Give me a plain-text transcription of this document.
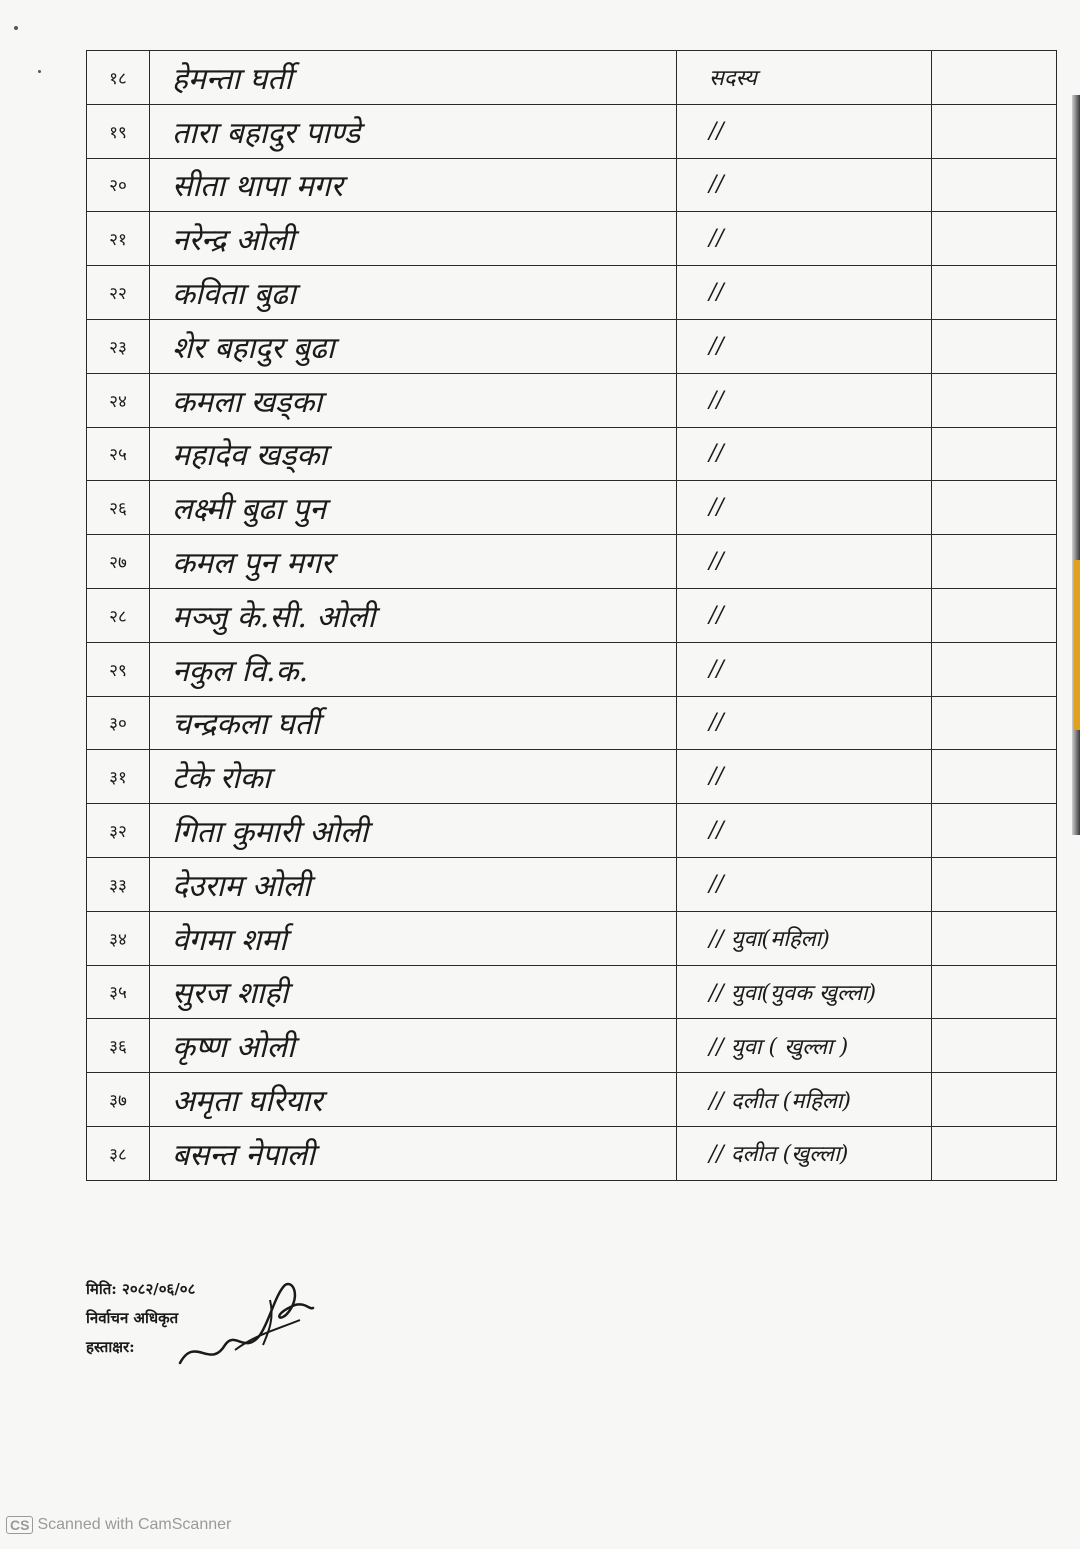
१८	हेमन्ता घर्ती	सदस्य	
१९	तारा बहादुर पाण्डे	//	
२०	सीता थापा मगर	//	
२१	नरेन्द्र ओली	//	
२२	कविता बुढा	//	
२३	शेर बहादुर बुढा	//	
२४	कमला खड्का	//	
२५	महादेव खड्का	//	
२६	लक्ष्मी बुढा पुन	//	
२७	कमल पुन मगर	//	
२८	मञ्जु के.सी. ओली	//	
२९	नकुल वि.क.	//	
३०	चन्द्रकला घर्ती	//	
३१	टेके रोका	//	
३२	गिता कुमारी ओली	//	
३३	देउराम ओली	//	
३४	वेगमा शर्मा	// युवा(महिला)	
३५	सुरज शाही	// युवा(युवक खुल्ला)	
३६	कृष्ण ओली	// युवा ( खुल्ला )	
३७	अमृता घरियार	// दलीत (महिला)	
३८	बसन्त नेपाली	// दलीत (खुल्ला)	
मिति: २०८२/०६/०८
निर्वाचन अधिकृत
हस्ताक्षर:
CS Scanned with CamScanner
